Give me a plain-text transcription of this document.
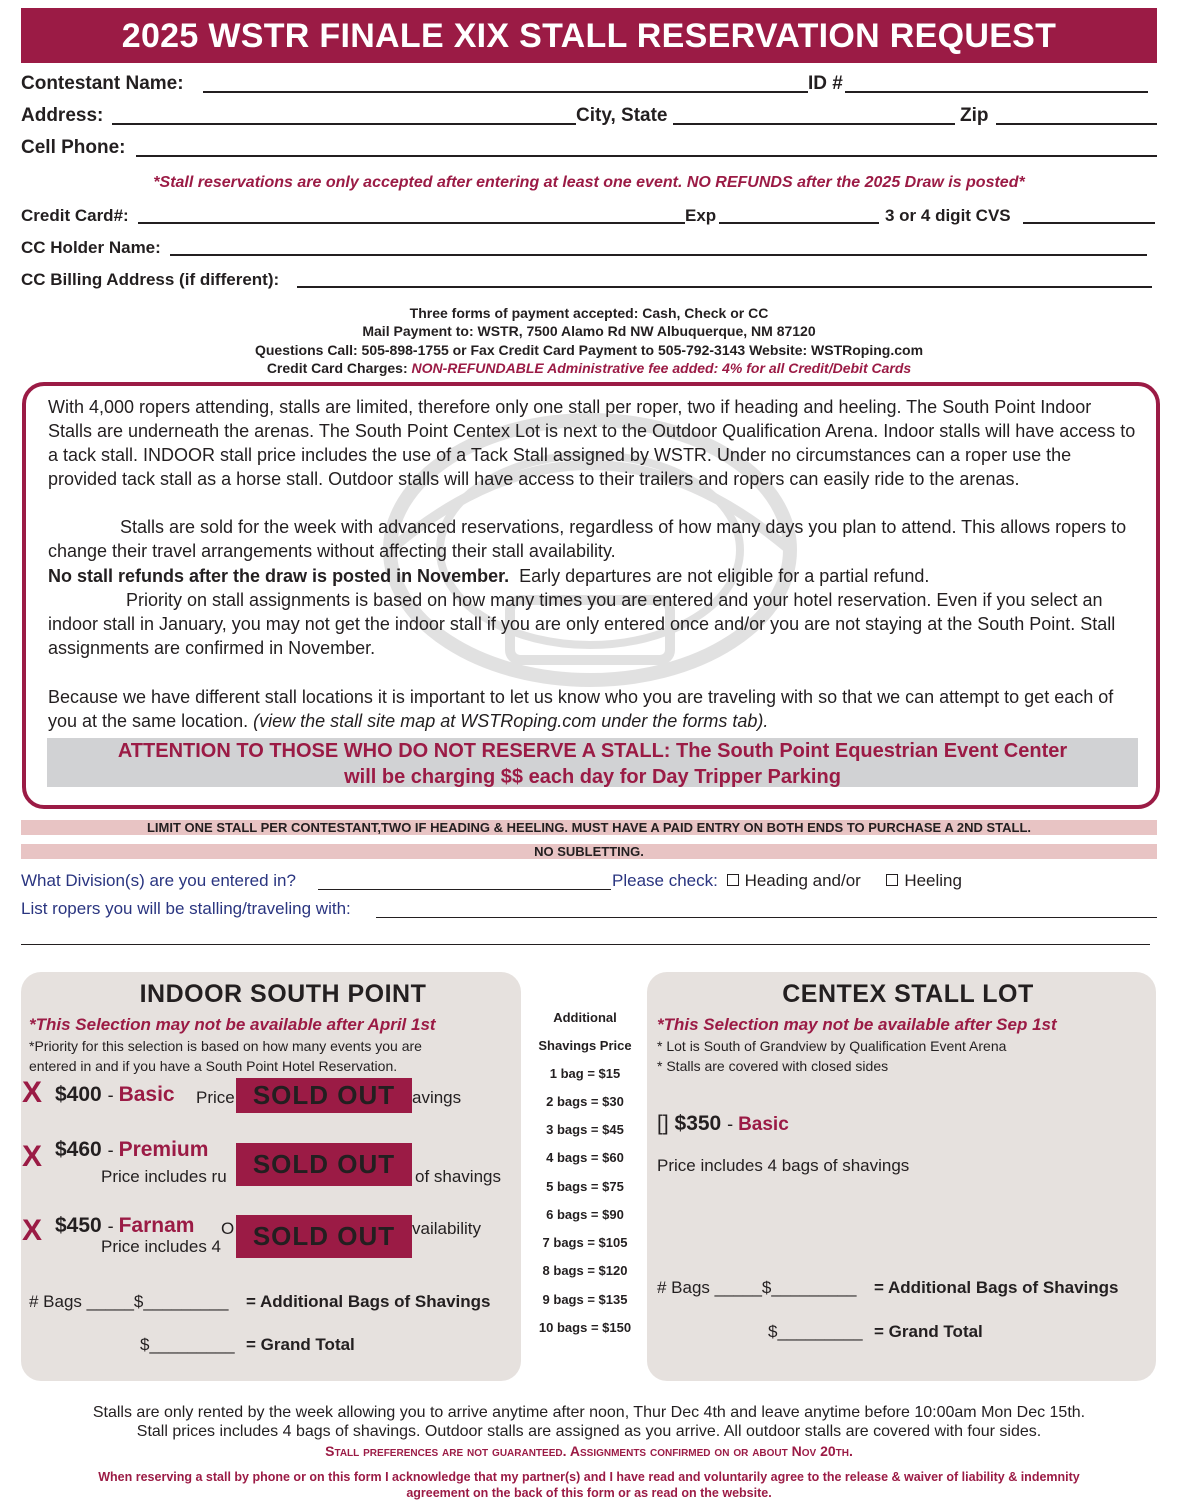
2025 WSTR FINALE XIX STALL RESERVATION REQUEST
Contestant Name:	ID #
Address:	City, State	Zip
Cell Phone:
*Stall reservations are only accepted after entering at least one event. NO REFUNDS after the 2025 Draw is posted*
Credit Card#:	Exp	3 or 4 digit CVS
CC Holder Name:
CC Billing Address (if different):
Three forms of payment accepted: Cash, Check or CC
Mail Payment to: WSTR, 7500 Alamo Rd NW Albuquerque, NM 87120
Questions Call: 505-898-1755 or Fax Credit Card Payment to 505-792-3143 Website: WSTRoping.com
Credit Card Charges: NON-REFUNDABLE Administrative fee added: 4% for all Credit/Debit Cards
With 4,000 ropers attending, stalls are limited, therefore only one stall per roper, two if heading and heeling. The South Point Indoor Stalls are underneath the arenas. The South Point Centex Lot is next to the Outdoor Qualification Arena. Indoor stalls will have access to a tack stall. INDOOR stall price includes the use of a Tack Stall assigned by WSTR. Under no circumstances can a roper use the provided tack stall as a horse stall. Outdoor stalls will have access to their trailers and ropers can easily ride to the arenas.
Stalls are sold for the week with advanced reservations, regardless of how many days you plan to attend. This allows ropers to change their travel arrangements without affecting their stall availability.
No stall refunds after the draw is posted in November. Early departures are not eligible for a partial refund.
Priority on stall assignments is based on how many times you are entered and your hotel reservation. Even if you select an indoor stall in January, you may not get the indoor stall if you are only entered once and/or you are not staying at the South Point. Stall assignments are confirmed in November.
Because we have different stall locations it is important to let us know who you are traveling with so that we can attempt to get each of you at the same location. (view the stall site map at WSTRoping.com under the forms tab).
ATTENTION TO THOSE WHO DO NOT RESERVE A STALL: The South Point Equestrian Event Center
will be charging $$ each day for Day Tripper Parking
LIMIT ONE STALL PER CONTESTANT,TWO IF HEADING & HEELING. MUST HAVE A PAID ENTRY ON BOTH ENDS TO PURCHASE A 2ND STALL.
NO SUBLETTING.
What Division(s) are you entered in?	Please check: Heading and/or	Heeling
List ropers you will be stalling/traveling with:
INDOOR SOUTH POINT
*This Selection may not be available after April 1st
*Priority for this selection is based on how many events you are
entered in and if you have a South Point Hotel Reservation.
X $400 - Basic Price	avings
SOLD OUT
X $460 - Premium
Price includes ru	of shavings
SOLD OUT
X $450 - Farnam O	vailability
Price includes 4	SOLD OUT
# Bags _____$_________ = Additional Bags of Shavings
$_________ = Grand Total
Additional
Shavings Price
1 bag = $15
2 bags = $30
3 bags = $45
4 bags = $60
5 bags = $75
6 bags = $90
7 bags = $105
8 bags = $120
9 bags = $135
10 bags = $150
CENTEX STALL LOT
*This Selection may not be available after Sep 1st
* Lot is South of Grandview by Qualification Event Arena
* Stalls are covered with closed sides
[] $350 - Basic
Price includes 4 bags of shavings
# Bags _____$_________ = Additional Bags of Shavings
$_________ = Grand Total
Stalls are only rented by the week allowing you to arrive anytime after noon, Thur Dec 4th and leave anytime before 10:00am Mon Dec 15th.
Stall prices includes 4 bags of shavings. Outdoor stalls are assigned as you arrive. All outdoor stalls are covered with four sides.
Stall preferences are not guaranteed. Assignments confirmed on or about Nov 20th.
When reserving a stall by phone or on this form I acknowledge that my partner(s) and I have read and voluntarily agree to the release & waiver of liability & indemnity
agreement on the back of this form or as read on the website.
